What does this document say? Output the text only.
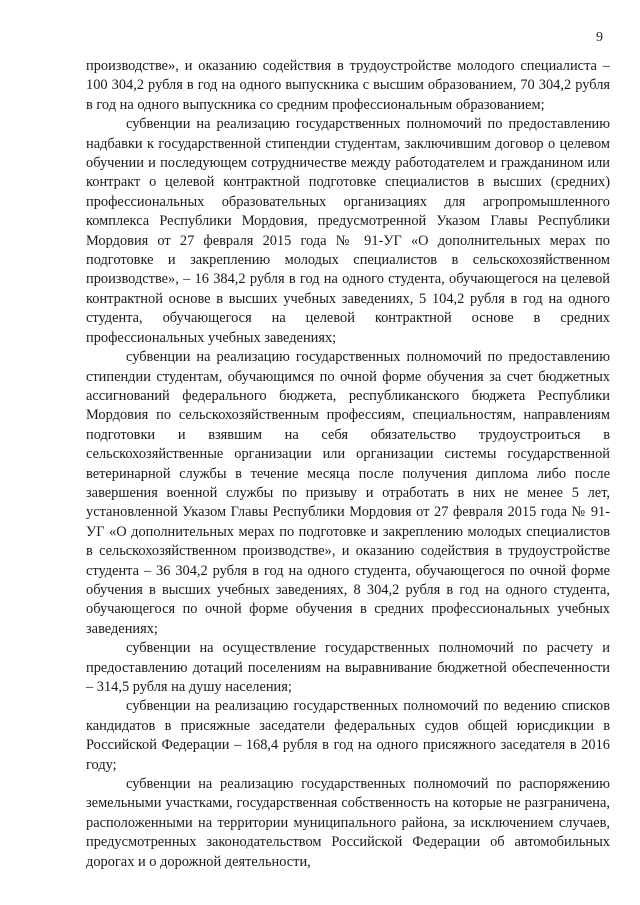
9

производстве», и оказанию содействия в трудоустройстве молодого специалиста – 100 304,2 рубля в год на одного выпускника с высшим образованием, 70 304,2 рубля в год на одного выпускника со средним профессиональным образованием;

субвенции на реализацию государственных полномочий по предоставлению надбавки к государственной стипендии студентам, заключившим договор о целевом обучении и последующем сотрудничестве между работодателем и гражданином или контракт о целевой контрактной подготовке специалистов в высших (средних) профессиональных образовательных организациях для агропромышленного комплекса Республики Мордовия, предусмотренной Указом Главы Республики Мордовия от 27 февраля 2015 года № 91-УГ «О дополнительных мерах по подготовке и закреплению молодых специалистов в сельскохозяйственном производстве», – 16 384,2 рубля в год на одного студента, обучающегося на целевой контрактной основе в высших учебных заведениях, 5 104,2 рубля в год на одного студента, обучающегося на целевой контрактной основе в средних профессиональных учебных заведениях;

субвенции на реализацию государственных полномочий по предоставлению стипендии студентам, обучающимся по очной форме обучения за счет бюджетных ассигнований федерального бюджета, республиканского бюджета Республики Мордовия по сельскохозяйственным профессиям, специальностям, направлениям подготовки и взявшим на себя обязательство трудоустроиться в сельскохозяйственные организации или организации системы государственной ветеринарной службы в течение месяца после получения диплома либо после завершения военной службы по призыву и отработать в них не менее 5 лет, установленной Указом Главы Республики Мордовия от 27 февраля 2015 года № 91-УГ «О дополнительных мерах по подготовке и закреплению молодых специалистов в сельскохозяйственном производстве», и оказанию содействия в трудоустройстве студента – 36 304,2 рубля в год на одного студента, обучающегося по очной форме обучения в высших учебных заведениях, 8 304,2 рубля в год на одного студента, обучающегося по очной форме обучения в средних профессиональных учебных заведениях;

субвенции на осуществление государственных полномочий по расчету и предоставлению дотаций поселениям на выравнивание бюджетной обеспеченности – 314,5 рубля на душу населения;

субвенции на реализацию государственных полномочий по ведению списков кандидатов в присяжные заседатели федеральных судов общей юрисдикции в Российской Федерации – 168,4 рубля в год на одного присяжного заседателя в 2016 году;

субвенции на реализацию государственных полномочий по распоряжению земельными участками, государственная собственность на которые не разграничена, расположенными на территории муниципального района, за исключением случаев, предусмотренных законодательством Российской Федерации об автомобильных дорогах и о дорожной деятельности,
